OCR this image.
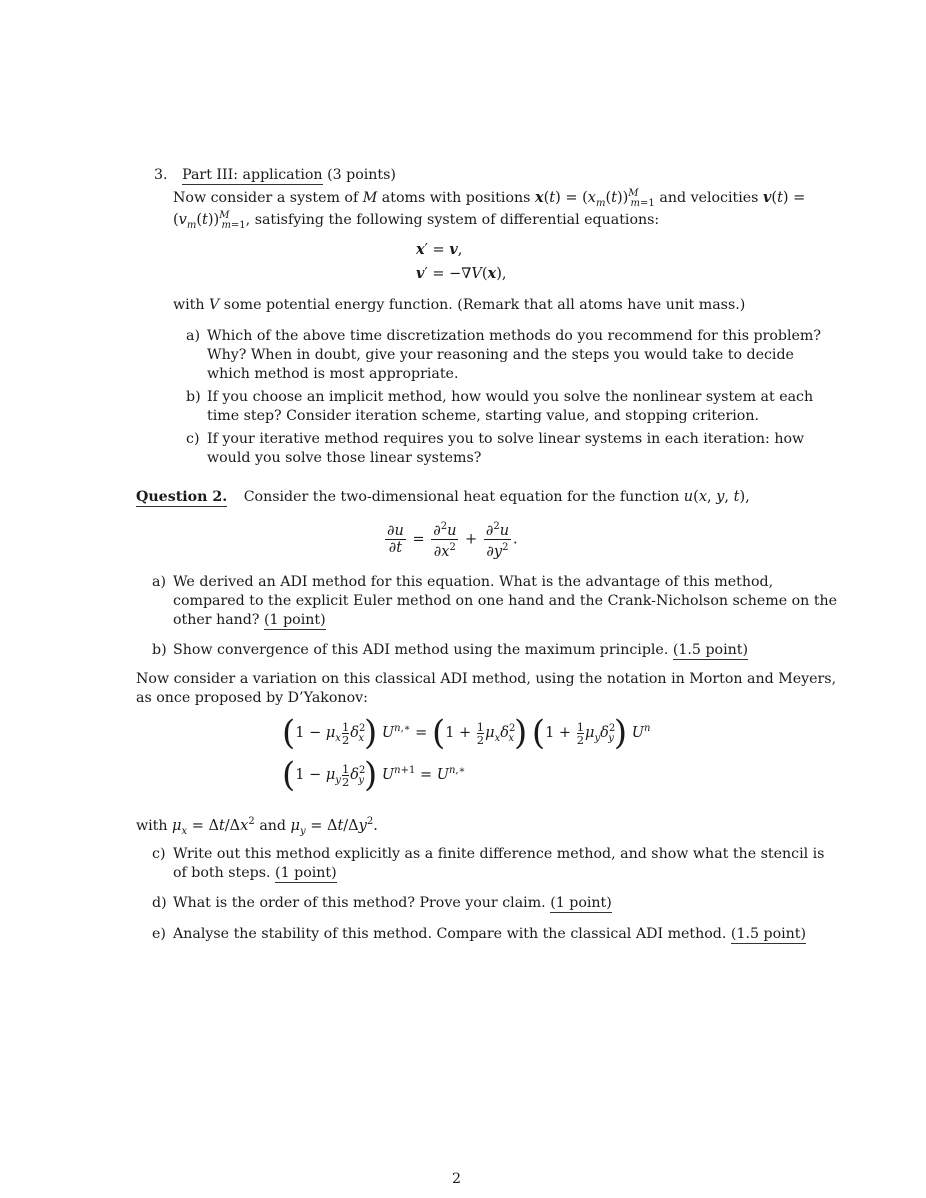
3. Part III: application (3 points)
Now consider a system of M atoms with positions $x(t) = (x_m(t))^M_{m=1}$ and velocities v(t) =
$(v_m(t))^M_{m=1}$, satisfying the following system of differential equations:
x′ = v,
v′ = −∇V(x),
with V some potential energy function. (Remark that all atoms have unit mass.)
a) Which of the above time discretization methods do you recommend for this problem?
Why? When in doubt, give your reasoning and the steps you would take to decide
which method is most appropriate.
b) If you choose an implicit method, how would you solve the nonlinear system at each
time step? Consider iteration scheme, starting value, and stopping criterion.
c) If your iterative method requires you to solve linear systems in each iteration: how
would you solve those linear systems?
Question 2. Consider the two-dimensional heat equation for the function u(x, y, t),
$\frac{\partial u}{\partial t} = \frac{\partial^2u}{\partial x^2} + \frac{\partial^2u}{\partial y^2}$ .
a) We derived an ADI method for this equation. What is the advantage of this method,
compared to the explicit Euler method on one hand and the Crank-Nicholson scheme on the
other hand? (1 point)
b) Show convergence of this ADI method using the maximum principle. (1.5 point)
Now consider a variation on this classical ADI method, using the notation in Morton and Meyers,
as once proposed by D’Yakonov:
$(1 - \mu_x \frac{1}{2} \delta^2_x)$ $U^{n,∗} = (1 + \frac{1}{2} \mu_x\delta^2_x) (1 + \frac{1}{2} \mu_y\delta^2_y)$ $U^n$
$(1 - \mu_y \frac{1}{2} \delta^2_y)$ $U^{n+1} = U^{n,∗}$
with $\mu_x = \Delta t/\Delta x^2$ and $\mu_y = \Delta t/\Delta y^2$.
c) Write out this method explicitly as a finite difference method, and show what the stencil is
of both steps. (1 point)
d) What is the order of this method? Prove your claim. (1 point)
e) Analyse the stability of this method. Compare with the classical ADI method. (1.5 point)
2
